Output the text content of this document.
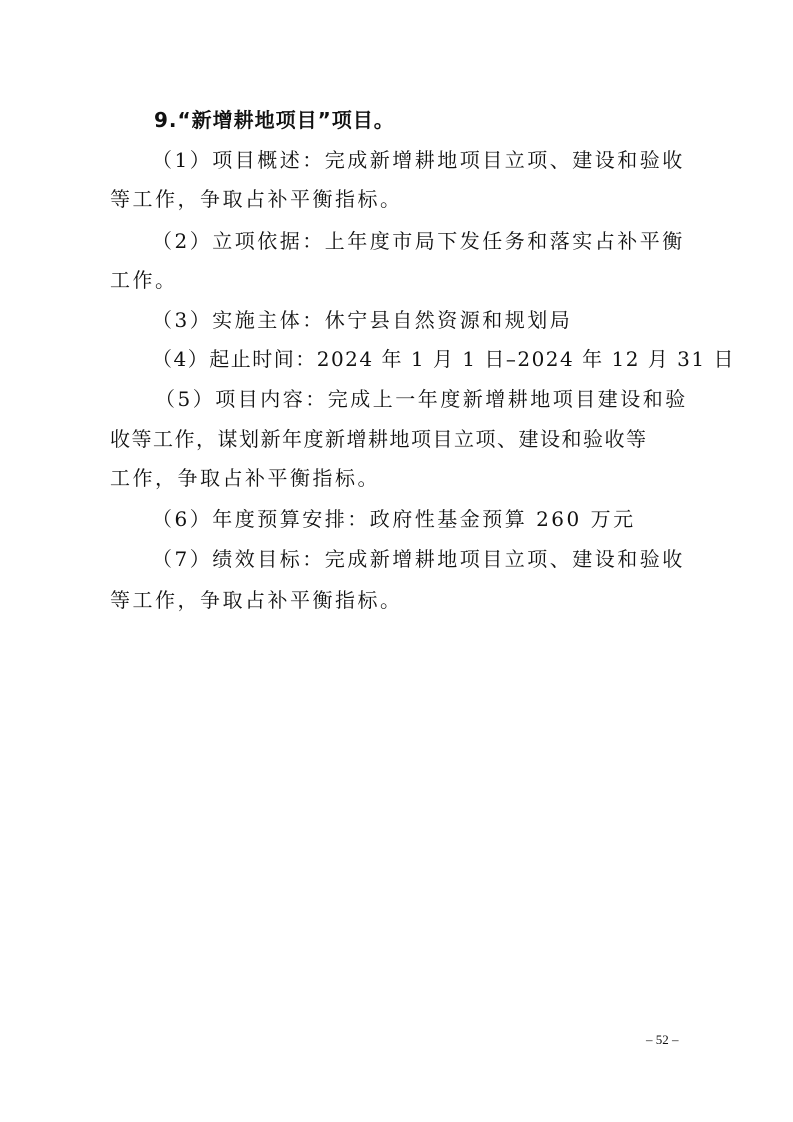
9.“新增耕地项目”项目。
（1）项目概述：完成新增耕地项目立项、建设和验收
等工作，争取占补平衡指标。
（2）立项依据：上年度市局下发任务和落实占补平衡
工作。
（3）实施主体：休宁县自然资源和规划局
（4）起止时间：2024 年 1 月 1 日–2024 年 12 月 31 日
（5）项目内容：完成上一年度新增耕地项目建设和验
收等工作，谋划新年度新增耕地项目立项、建设和验收等
工作，争取占补平衡指标。
（6）年度预算安排：政府性基金预算 260 万元
（7）绩效目标：完成新增耕地项目立项、建设和验收
等工作，争取占补平衡指标。
– 52 –
